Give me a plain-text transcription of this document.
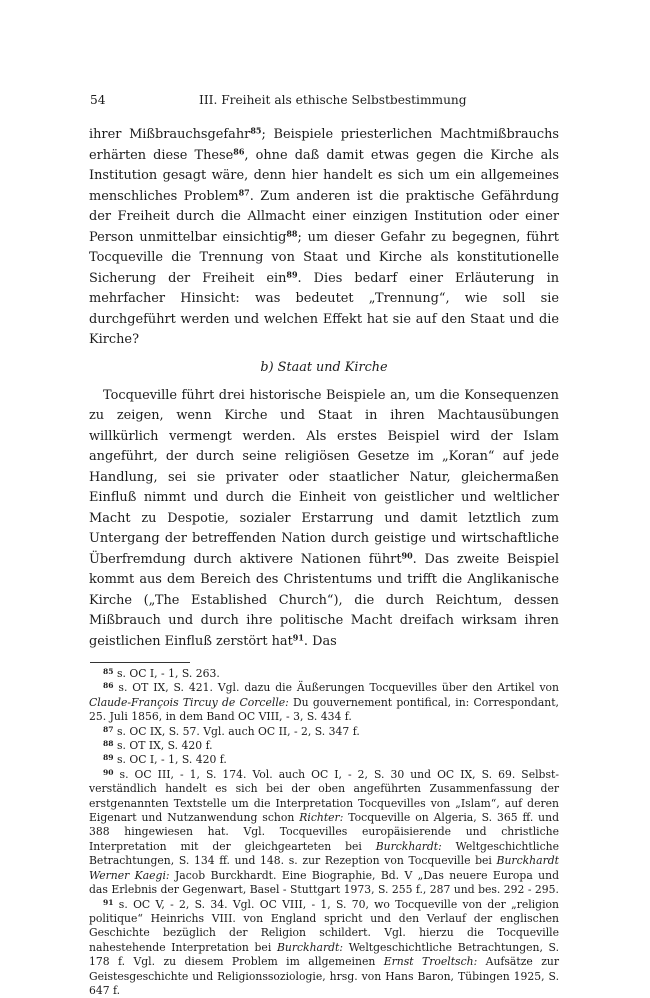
54	III. Freiheit als ethische Selbstbestimmung

ihrer Mißbrauchsgefahr$^{85}$; Beispiele priesterlichen Machtmißbrauchs erhärten diese These$^{86}$, ohne daß damit etwas gegen die Kirche als Institution gesagt wäre, denn hier handelt es sich um ein allgemeines menschliches Problem$^{87}$. Zum anderen ist die praktische Gefährdung der Freiheit durch die Allmacht einer einzigen Institution oder einer Person unmittelbar einsichtig$^{88}$; um dieser Gefahr zu begegnen, führt Tocqueville die Trennung von Staat und Kirche als konstitutionelle Sicherung der Freiheit ein$^{89}$. Dies bedarf einer Erläuterung in mehrfacher Hinsicht: was bedeutet „Trennung“, wie soll sie durchgeführt werden und welchen Effekt hat sie auf den Staat und die Kirche?

b) Staat und Kirche

Tocqueville führt drei historische Beispiele an, um die Konsequenzen zu zeigen, wenn Kirche und Staat in ihren Machtausübungen willkürlich vermengt werden. Als erstes Beispiel wird der Islam angeführt, der durch seine religiösen Gesetze im „Koran“ auf jede Handlung, sei sie privater oder staatlicher Natur, gleichermaßen Einfluß nimmt und durch die Einheit von geistlicher und weltlicher Macht zu Despotie, sozialer Erstarrung und damit letztlich zum Untergang der betreffenden Nation durch geistige und wirtschaftliche Überfremdung durch aktivere Nationen führt$^{90}$. Das zweite Beispiel kommt aus dem Bereich des Christentums und trifft die Anglikanische Kirche („The Established Church“), die durch Reichtum, dessen Mißbrauch und durch ihre politische Macht dreifach wirksam ihren geistlichen Einfluß zerstört hat$^{91}$. Das

$^{85}$ s. OC I, - 1, S. 263.

$^{86}$ s. OT IX, S. 421. Vgl. dazu die Äußerungen Tocquevilles über den Artikel von Claude-François Tircuy de Corcelle: Du gouvernement pontifical, in: Correspondant, 25. Juli 1856, in dem Band OC VIII, - 3, S. 434 f.

$^{87}$ s. OC IX, S. 57. Vgl. auch OC II, - 2, S. 347 f.

$^{88}$ s. OT IX, S. 420 f.

$^{89}$ s. OC I, - 1, S. 420 f.

$^{90}$ s. OC III, - 1, S. 174. Vol. auch OC I, - 2, S. 30 und OC IX, S. 69. Selbstverständlich handelt es sich bei der oben angeführten Zusammenfassung der erstgenannten Textstelle um die Interpretation Tocquevilles von „Islam“, auf deren Eigenart und Nutzanwendung schon Richter: Tocqueville on Algeria, S. 365 ff. und 388 hingewiesen hat. Vgl. Tocquevilles europäisierende und christliche Interpretation mit der gleichgearteten bei Burckhardt: Weltgeschichtliche Betrachtungen, S. 134 ff. und 148. s. zur Rezeption von Tocqueville bei Burckhardt Werner Kaegi: Jacob Burckhardt. Eine Biographie, Bd. V „Das neuere Europa und das Erlebnis der Gegenwart, Basel - Stuttgart 1973, S. 255 f., 287 und bes. 292 - 295.

$^{91}$ s. OC V, - 2, S. 34. Vgl. OC VIII, - 1, S. 70, wo Tocqueville von der „religion politique“ Heinrichs VIII. von England spricht und den Verlauf der englischen Geschichte bezüglich der Religion schildert. Vgl. hierzu die Tocqueville nahestehende Interpretation bei Burckhardt: Weltgeschichtliche Betrachtungen, S. 178 f. Vgl. zu diesem Problem im allgemeinen Ernst Troeltsch: Aufsätze zur Geistesgeschichte und Religionssoziologie, hrsg. von Hans Baron, Tübingen 1925, S. 647 f.
